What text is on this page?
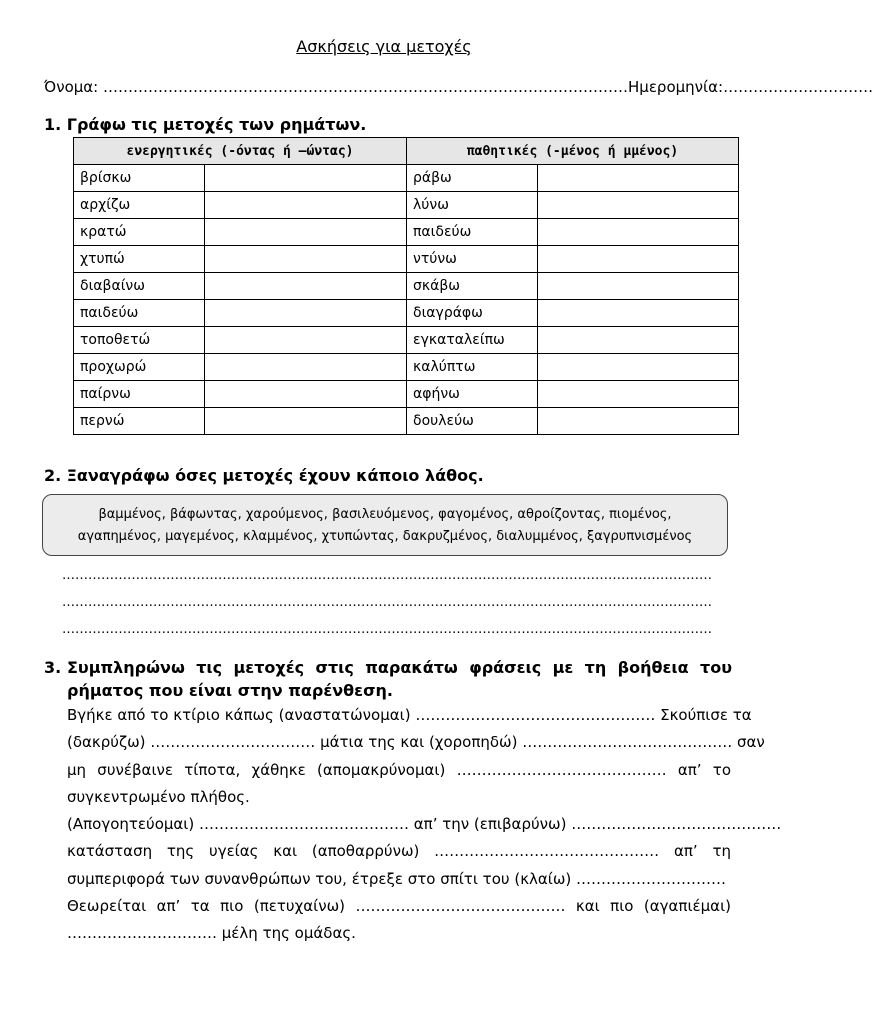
Ασκήσεις για μετοχές
Όνομα: ……………………………………………………………………………………………Ημερομηνία:…………………………
1. Γράφω τις μετοχές των ρημάτων.
ενεργητικές (-όντας ή –ώντας)		παθητικές (-μένος ή μμένος)	
βρίσκω		ράβω	
αρχίζω		λύνω	
κρατώ		παιδεύω	
χτυπώ		ντύνω	
διαβαίνω		σκάβω	
παιδεύω		διαγράφω	
τοποθετώ		εγκαταλείπω	
προχωρώ		καλύπτω	
παίρνω		αφήνω	
περνώ		δουλεύω	
2. Ξαναγράφω όσες μετοχές έχουν κάποιο λάθος.
βαμμένος, βάφωντας, χαρούμενος, βασιλευόμενος, φαγομένος, αθροίζοντας, πιομένος,
αγαπημένος, μαγεμένος, κλαμμένος, χτυπώντας, δακρυζμένος, διαλυμμένος, ξαγρυπνισμένος
……………………………………………………………………………………………………………………………………
……………………………………………………………………………………………………………………………………
……………………………………………………………………………………………………………………………………
3. Συμπληρώνω τις μετοχές στις παρακάτω φράσεις με τη βοήθεια του ρήματος που είναι στην παρένθεση.
Βγήκε από το κτίριο κάπως (αναστατώνομαι) ………………………………………… Σκούπισε τα
(δακρύζω) …………………………… μάτια της και (χοροπηδώ) …………………………………… σαν
μη συνέβαινε τίποτα, χάθηκε (απομακρύνομαι) …………………………………… απ’ το
συγκεντρωμένο πλήθος.
(Απογοητεύομαι) …………………………………… απ’ την (επιβαρύνω) ……………………………………
κατάσταση της υγείας και (αποθαρρύνω) ……………………………………… απ’ τη
συμπεριφορά των συνανθρώπων του, έτρεξε στο σπίτι του (κλαίω) …………………………
Θεωρείται απ’ τα πιο (πετυχαίνω) …………………………………… και πιο (αγαπιέμαι)
………………………… μέλη της ομάδας.
